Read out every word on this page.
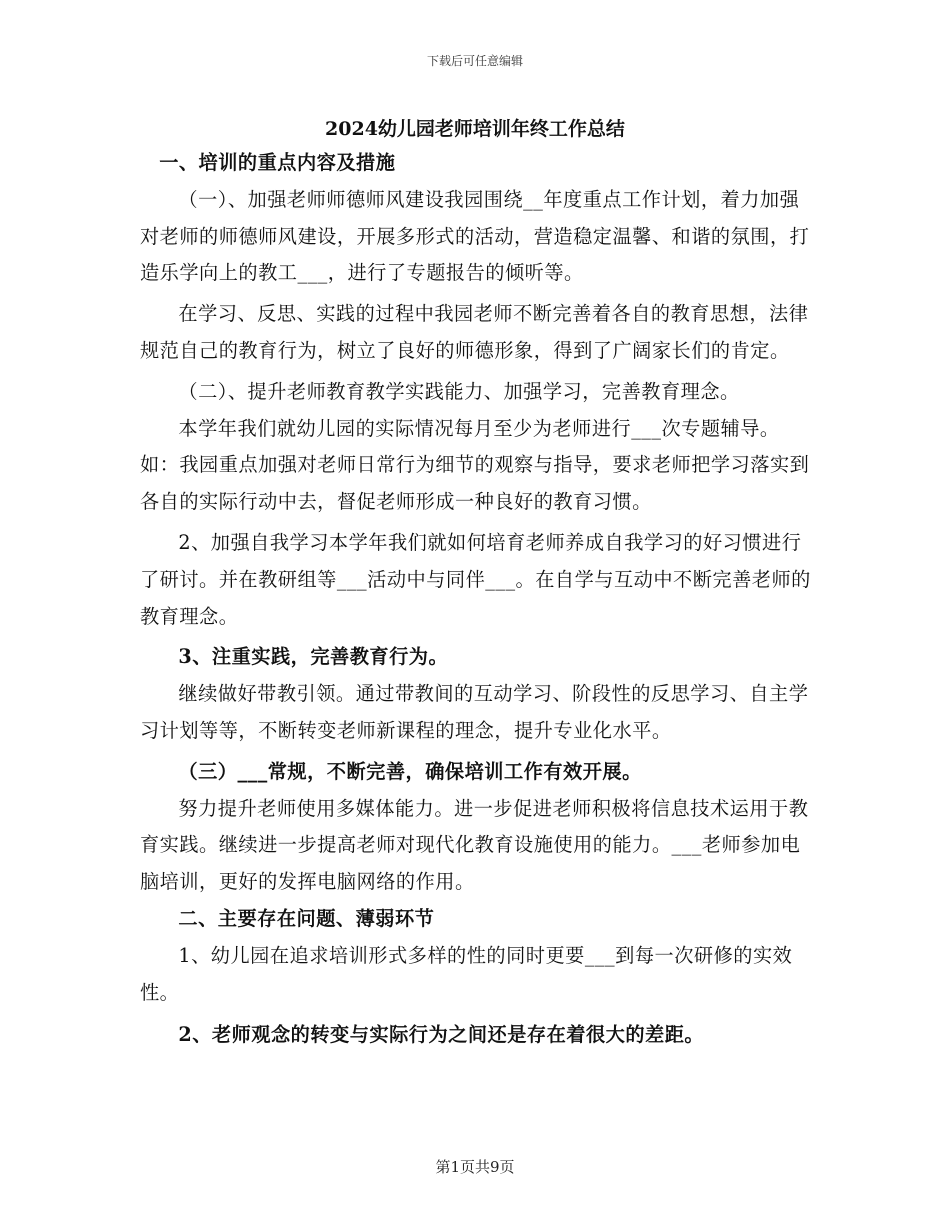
下载后可任意编辑
2024幼儿园老师培训年终工作总结

一、培训的重点内容及措施

（一）、加强老师师德师风建设我园围绕__年度重点工作计划，着力加强对老师的师德师风建设，开展多形式的活动，营造稳定温馨、和谐的氛围，打造乐学向上的教工___，进行了专题报告的倾听等。

在学习、反思、实践的过程中我园老师不断完善着各自的教育思想，法律规范自己的教育行为，树立了良好的师德形象，得到了广阔家长们的肯定。

（二）、提升老师教育教学实践能力、加强学习，完善教育理念。

本学年我们就幼儿园的实际情况每月至少为老师进行___次专题辅导。如：我园重点加强对老师日常行为细节的观察与指导，要求老师把学习落实到各自的实际行动中去，督促老师形成一种良好的教育习惯。

2、加强自我学习本学年我们就如何培育老师养成自我学习的好习惯进行了研讨。并在教研组等___活动中与同伴___。在自学与互动中不断完善老师的教育理念。

3、注重实践，完善教育行为。

继续做好带教引领。通过带教间的互动学习、阶段性的反思学习、自主学习计划等等，不断转变老师新课程的理念，提升专业化水平。

（三）___常规，不断完善，确保培训工作有效开展。

努力提升老师使用多媒体能力。进一步促进老师积极将信息技术运用于教育实践。继续进一步提高老师对现代化教育设施使用的能力。___老师参加电脑培训，更好的发挥电脑网络的作用。

二、主要存在问题、薄弱环节

1、幼儿园在追求培训形式多样的性的同时更要___到每一次研修的实效性。

2、老师观念的转变与实际行为之间还是存在着很大的差距。

第1页共9页
